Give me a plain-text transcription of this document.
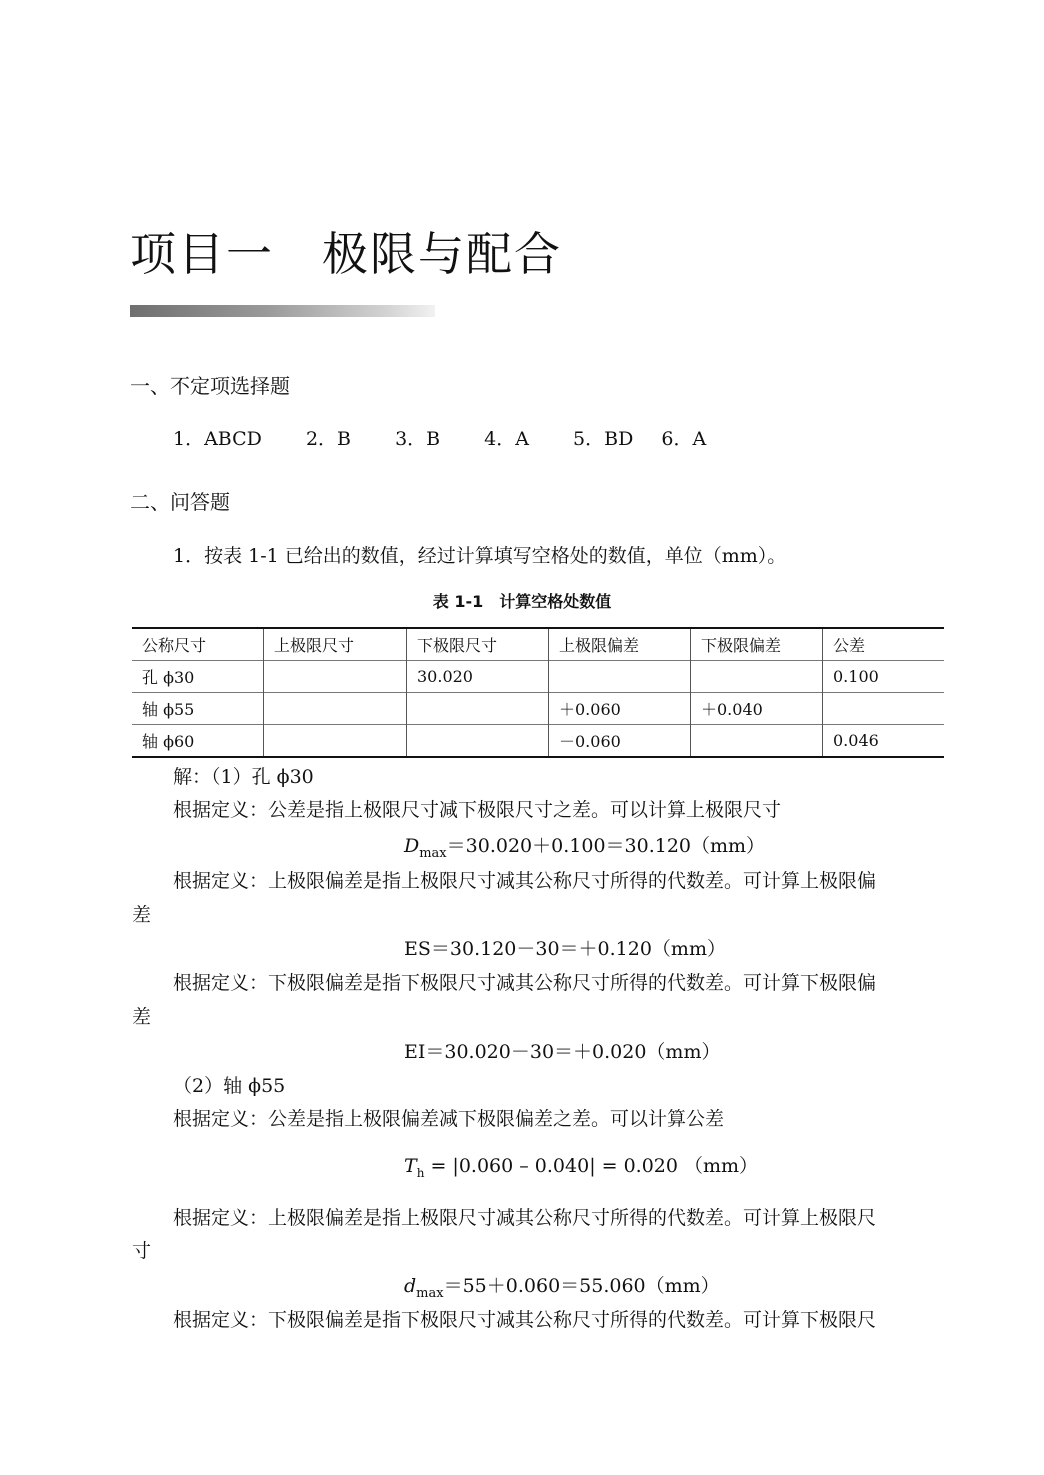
项目一　极限与配合
一、不定项选择题
1．ABCD 2．B 3．B 4．A 5．BD 6．A
二、问答题
1．按表 1-1 已给出的数值，经过计算填写空格处的数值，单位（mm）。
表 1-1　计算空格处数值
公称尺寸	上极限尺寸	下极限尺寸	上极限偏差	下极限偏差	公差
孔 ϕ30		30.020			0.100
轴 ϕ55			＋0.060	＋0.040	
轴 ϕ60			－0.060		0.046
解：（1）孔 ϕ30
根据定义：公差是指上极限尺寸减下极限尺寸之差。可以计算上极限尺寸
$D_{max}=30.020+0.100=30.120(mm)$
根据定义：上极限偏差是指上极限尺寸减其公称尺寸所得的代数差。可计算上极限偏
差
ES＝30.120－30＝＋0.120（mm）
根据定义：下极限偏差是指下极限尺寸减其公称尺寸所得的代数差。可计算下极限偏
差
EI＝30.020－30＝＋0.020（mm）
（2）轴 ϕ55
根据定义：公差是指上极限偏差减下极限偏差之差。可以计算公差
$T_h = |0.060 - 0.040| = 0.020$ （mm）
根据定义：上极限偏差是指上极限尺寸减其公称尺寸所得的代数差。可计算上极限尺
寸
$d_{max}=55+0.060=55.060(mm)$
根据定义：下极限偏差是指下极限尺寸减其公称尺寸所得的代数差。可计算下极限尺
